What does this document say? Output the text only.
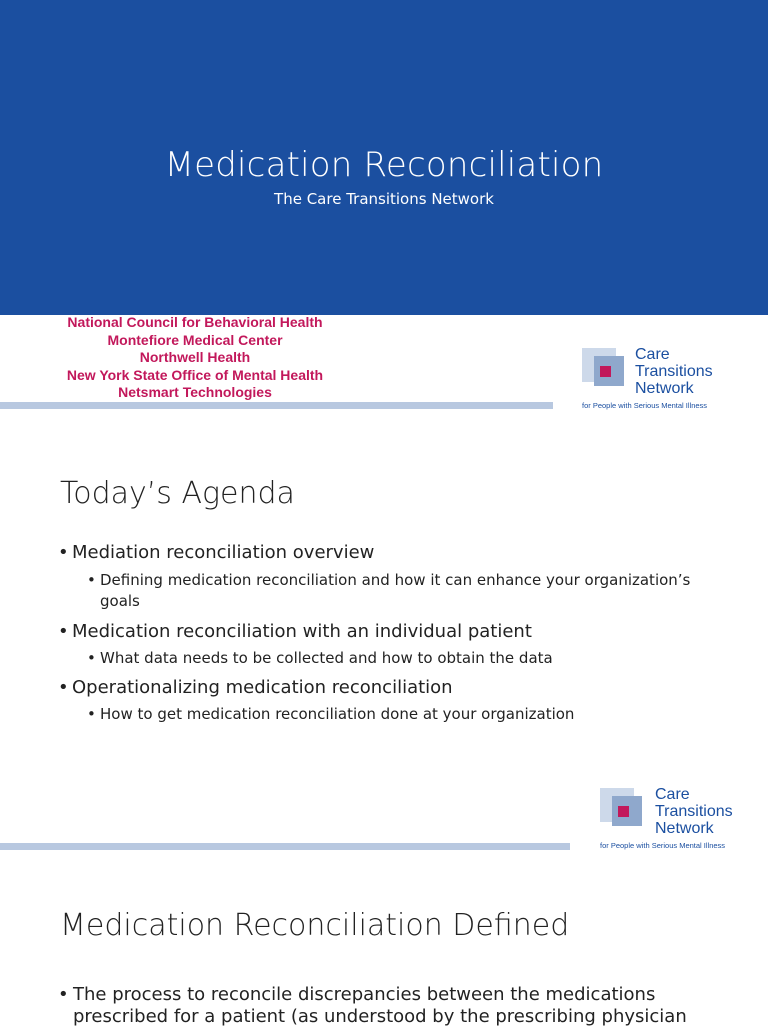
Medication Reconciliation
The Care Transitions Network
National Council for Behavioral Health
Montefiore Medical Center
Northwell Health
New York State Office of Mental Health
Netsmart Technologies
Care
Transitions
Network
for People with Serious Mental Illness
Today’s Agenda
• Mediation reconciliation overview
• Defining medication reconciliation and how it can enhance your organization’s goals
• Medication reconciliation with an individual patient
• What data needs to be collected and how to obtain the data
• Operationalizing medication reconciliation
• How to get medication reconciliation done at your organization
Care
Transitions
Network
for People with Serious Mental Illness
Medication Reconciliation Defined
• The process to reconcile discrepancies between the medications prescribed for a patient (as understood by the prescribing physician
